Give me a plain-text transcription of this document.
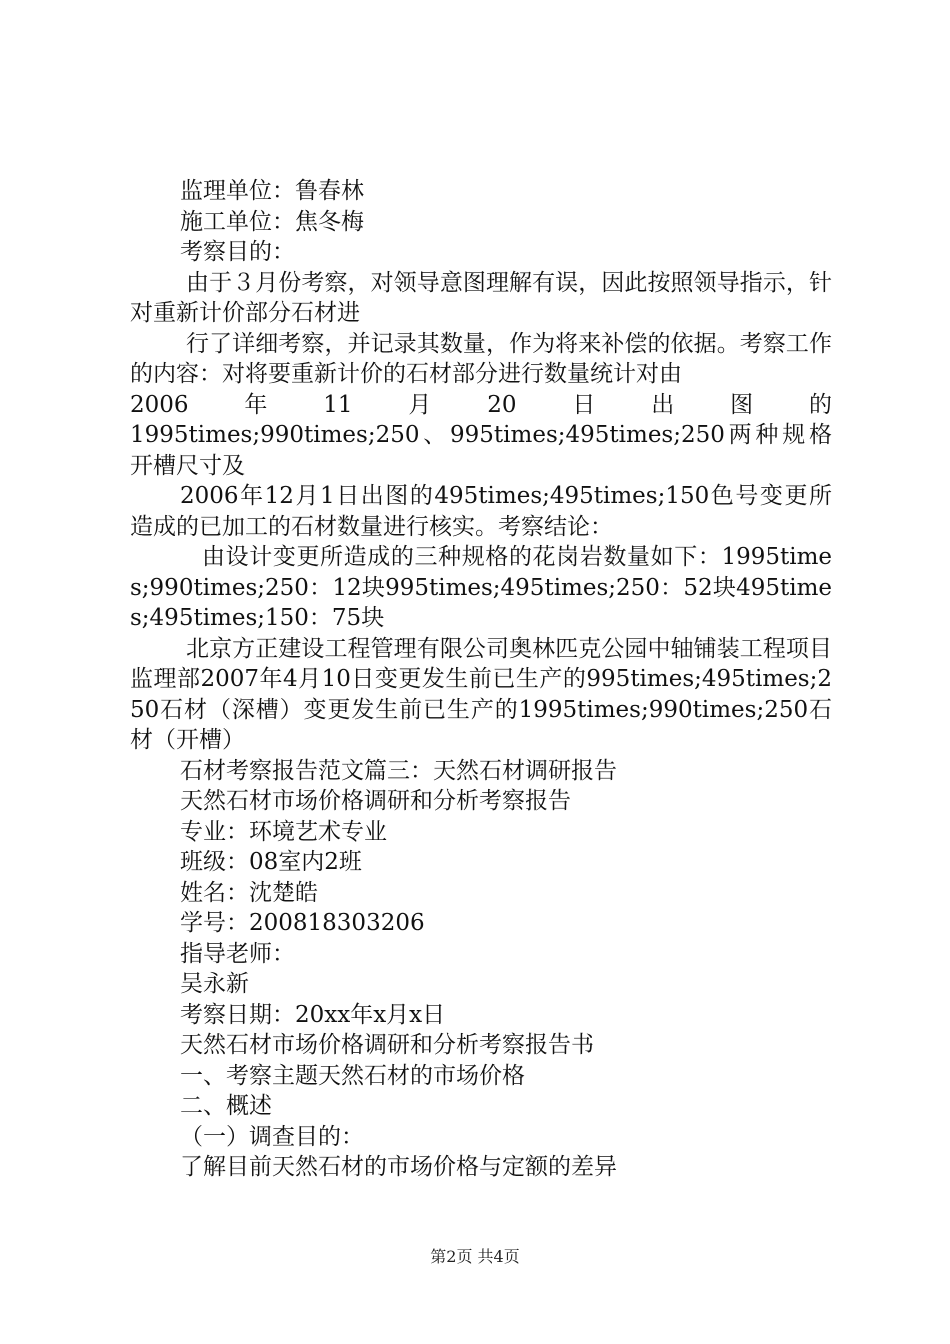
监理单位：鲁春林
施工单位：焦冬梅
考察目的：
由于３月份考察，对领导意图理解有误，因此按照领导指示，针对重新计价部分石材进
行了详细考察，并记录其数量，作为将来补偿的依据。考察工作的内容：对将要重新计价的石材部分进行数量统计对由
2006　　年　　11　　月　　20　　日　　出　　图　　的
1995times;990times;250、995times;495times;250两种规格开槽尺寸及
2006年12月1日出图的495times;495times;150色号变更所造成的已加工的石材数量进行核实。考察结论：
由设计变更所造成的三种规格的花岗岩数量如下：1995times;990times;250：12块995times;495times;250：52块495times;495times;150：75块
北京方正建设工程管理有限公司奥林匹克公园中轴铺装工程项目监理部2007年4月10日变更发生前已生产的995times;495times;250石材（深槽）变更发生前已生产的1995times;990times;250石材（开槽）
石材考察报告范文篇三：天然石材调研报告
天然石材市场价格调研和分析考察报告
专业：环境艺术专业
班级：08室内2班
姓名：沈楚皓
学号：200818303206
指导老师：
吴永新
考察日期：20xx年x月x日
天然石材市场价格调研和分析考察报告书
一、考察主题天然石材的市场价格
二、概述
（一）调查目的：
了解目前天然石材的市场价格与定额的差异
第2页 共4页
